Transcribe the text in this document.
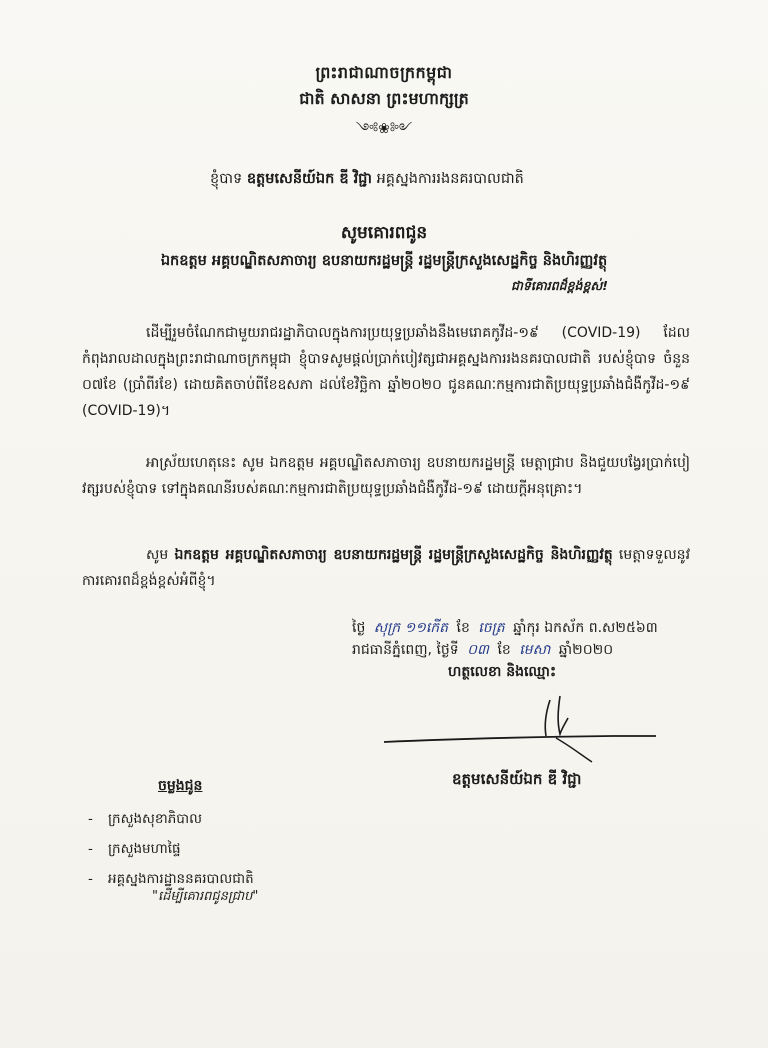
ព្រះរាជាណាចក្រកម្ពុជា
ជាតិ សាសនា ព្រះមហាក្សត្រ
༺❀༻
ខ្ញុំបាទ ឧត្តមសេនីយ៍ឯក ឌី វិជ្ជា អគ្គស្នងការរងនគរបាលជាតិ
សូមគោរពជូន
ឯកឧត្តម អគ្គបណ្ឌិតសភាចារ្យ ឧបនាយករដ្ឋមន្ត្រី រដ្ឋមន្ត្រីក្រសួងសេដ្ឋកិច្ច និងហិរញ្ញវត្ថុ
ជាទីគោរពដ៏ខ្ពង់ខ្ពស់!
ដើម្បីរួមចំណែកជាមួយរាជរដ្ឋាភិបាលក្នុងការប្រយុទ្ធប្រឆាំងនឹងមេរោគកូវីដ-១៩ (COVID-19) ដែលកំពុងរាលដាលក្នុងព្រះរាជាណាចក្រកម្ពុជា ខ្ញុំបាទសូមផ្តល់ប្រាក់បៀវត្សជាអគ្គស្នងការរងនគរបាលជាតិ របស់ខ្ញុំបាទ ចំនួន ០៧ខែ (ប្រាំពីរខែ) ដោយគិតចាប់ពីខែឧសភា ដល់ខែវិច្ឆិកា ឆ្នាំ២០២០ ជូនគណៈកម្មការជាតិប្រយុទ្ធប្រឆាំងជំងឺកូវីដ-១៩ (COVID-19)។
អាស្រ័យហេតុនេះ សូម ឯកឧត្តម អគ្គបណ្ឌិតសភាចារ្យ ឧបនាយករដ្ឋមន្ត្រី មេត្តាជ្រាប និងជួយបង្វែរប្រាក់បៀវត្សរបស់ខ្ញុំបាទ ទៅក្នុងគណនីរបស់គណៈកម្មការជាតិប្រយុទ្ធប្រឆាំងជំងឺកូវីដ-១៩ ដោយក្តីអនុគ្រោះ។
សូម ឯកឧត្តម អគ្គបណ្ឌិតសភាចារ្យ ឧបនាយករដ្ឋមន្ត្រី រដ្ឋមន្ត្រីក្រសួងសេដ្ឋកិច្ច និងហិរញ្ញវត្ថុ មេត្តាទទួលនូវការគោរពដ៏ខ្ពង់ខ្ពស់អំពីខ្ញុំ។
ថ្ងៃ សុក្រ ១១កើត ខែ ចេត្រ ឆ្នាំកុរ ឯកស័ក ព.ស២៥៦៣
រាជធានីភ្នំពេញ, ថ្ងៃទី ០៣ ខែ មេសា ឆ្នាំ២០២០
ហត្ថលេខា និងឈ្មោះ
ឧត្តមសេនីយ៍ឯក ឌី វិជ្ជា
ចម្លងជូន
- ក្រសួងសុខាភិបាល
- ក្រសួងមហាផ្ទៃ
- អគ្គស្នងការដ្ឋាននគរបាលជាតិ
"ដើម្បីគោរពជូនជ្រាប"
